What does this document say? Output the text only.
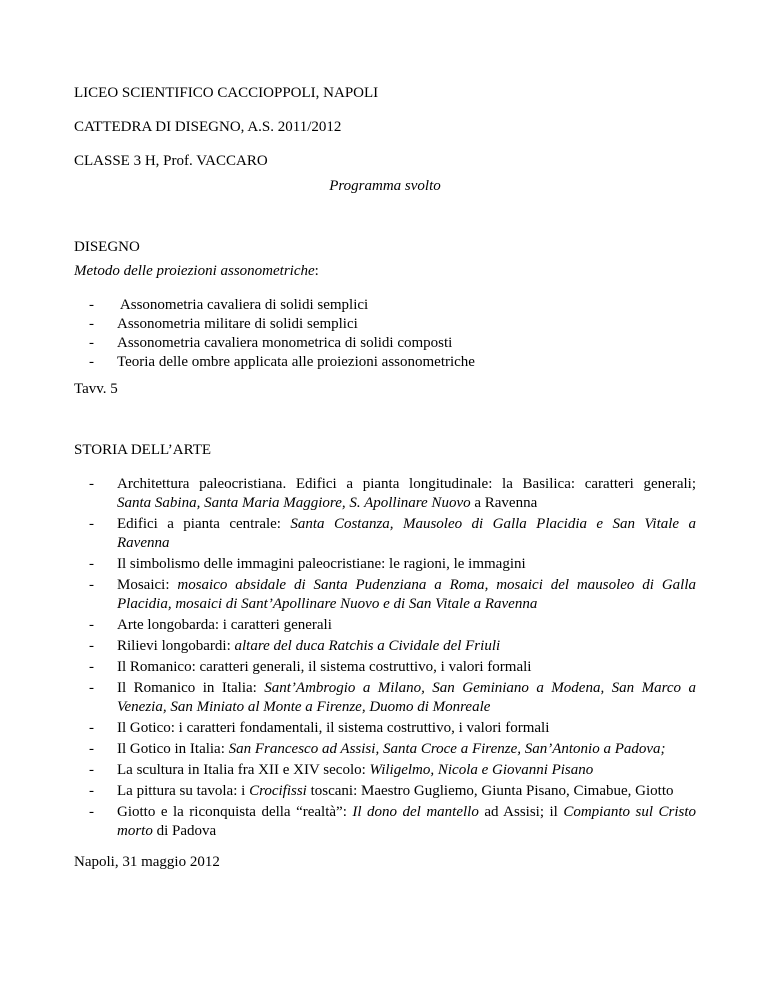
LICEO SCIENTIFICO CACCIOPPOLI, NAPOLI
CATTEDRA DI DISEGNO, A.S. 2011/2012
CLASSE 3 H, Prof. VACCARO
Programma svolto
DISEGNO
Metodo delle proiezioni assonometriche:
- Assonometria cavaliera di solidi semplici
- Assonometria militare di solidi semplici
- Assonometria cavaliera monometrica di solidi composti
- Teoria delle ombre applicata alle proiezioni assonometriche
Tavv. 5
STORIA DELL’ARTE
- Architettura paleocristiana. Edifici a pianta longitudinale: la Basilica: caratteri generali;
Santa Sabina, Santa Maria Maggiore, S. Apollinare Nuovo a Ravenna
- Edifici a pianta centrale: Santa Costanza, Mausoleo di Galla Placidia e San Vitale a
Ravenna
- Il simbolismo delle immagini paleocristiane: le ragioni, le immagini
- Mosaici: mosaico absidale di Santa Pudenziana a Roma, mosaici del mausoleo di Galla
Placidia, mosaici di Sant’Apollinare Nuovo e di San Vitale a Ravenna
- Arte longobarda: i caratteri generali
- Rilievi longobardi: altare del duca Ratchis a Cividale del Friuli
- Il Romanico: caratteri generali, il sistema costruttivo, i valori formali
- Il Romanico in Italia: Sant’Ambrogio a Milano, San Geminiano a Modena, San Marco a
Venezia, San Miniato al Monte a Firenze, Duomo di Monreale
- Il Gotico: i caratteri fondamentali, il sistema costruttivo, i valori formali
- Il Gotico in Italia: San Francesco ad Assisi, Santa Croce a Firenze, San’Antonio a Padova;
- La scultura in Italia fra XII e XIV secolo: Wiligelmo, Nicola e Giovanni Pisano
- La pittura su tavola: i Crocifissi toscani: Maestro Gugliemo, Giunta Pisano, Cimabue, Giotto
- Giotto e la riconquista della “realtà”: Il dono del mantello ad Assisi; il Compianto sul Cristo
morto di Padova
Napoli, 31 maggio 2012
